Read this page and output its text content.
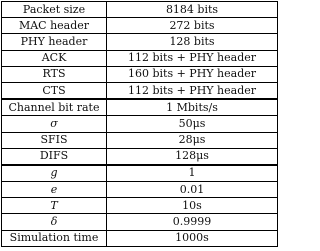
Packet size	8184 bits
MAC header	272 bits
PHY header	128 bits
ACK	112 bits + PHY header
RTS	160 bits + PHY header
CTS	112 bits + PHY header
Channel bit rate	1 Mbits/s
σ	50μs
SFIS	28μs
DIFS	128μs
g	1
e	0.01
T	10s
δ	0.9999
Simulation time	1000s
